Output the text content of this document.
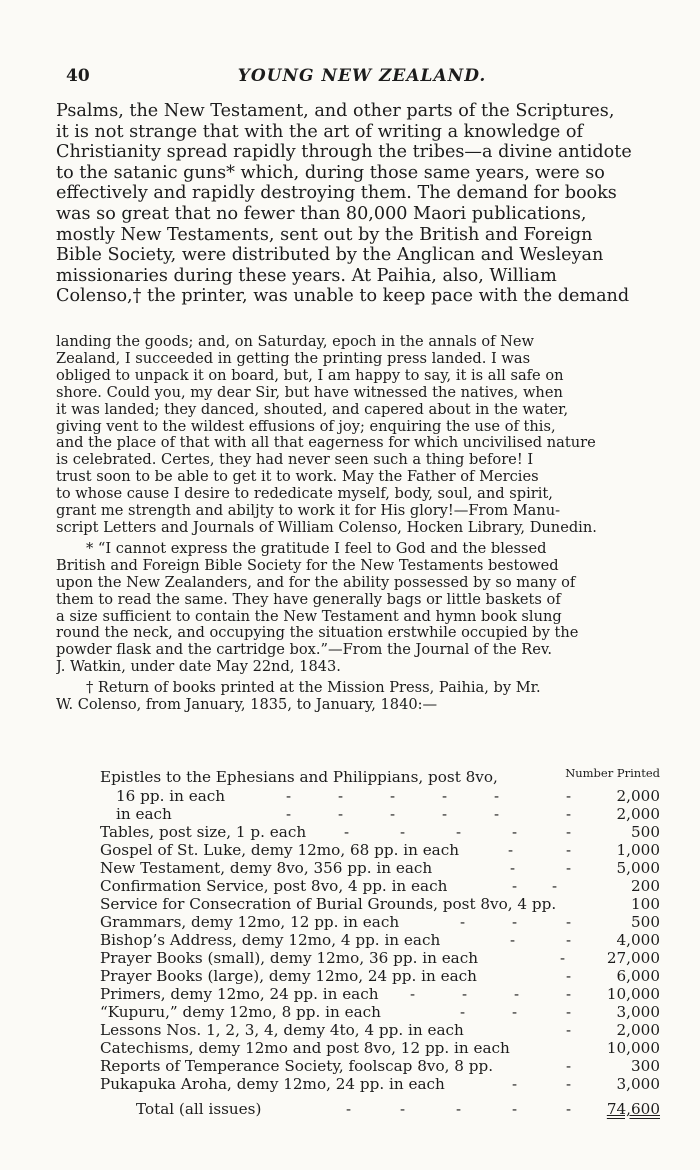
40	YOUNG NEW ZEALAND.
Psalms, the New Testament, and other parts of the Scriptures,
it is not strange that with the art of writing a knowledge of
Christianity spread rapidly through the tribes—a divine antidote
to the satanic guns* which, during those same years, were so
effectively and rapidly destroying them. The demand for books
was so great that no fewer than 80,000 Maori publications,
mostly New Testaments, sent out by the British and Foreign
Bible Society, were distributed by the Anglican and Wesleyan
missionaries during these years. At Paihia, also, William
Colenso,† the printer, was unable to keep pace with the demand
landing the goods; and, on Saturday, epoch in the annals of New
Zealand, I succeeded in getting the printing press landed. I was
obliged to unpack it on board, but, I am happy to say, it is all safe on
shore. Could you, my dear Sir, but have witnessed the natives, when
it was landed; they danced, shouted, and capered about in the water,
giving vent to the wildest effusions of joy; enquiring the use of this,
and the place of that with all that eagerness for which uncivilised nature
is celebrated. Certes, they had never seen such a thing before! I
trust soon to be able to get it to work. May the Father of Mercies
to whose cause I desire to rededicate myself, body, soul, and spirit,
grant me strength and abiljty to work it for His glory!—From Manu-
script Letters and Journals of William Colenso, Hocken Library, Dunedin.
* “I cannot express the gratitude I feel to God and the blessed
British and Foreign Bible Society for the New Testaments bestowed
upon the New Zealanders, and for the ability possessed by so many of
them to read the same. They have generally bags or little baskets of
a size sufficient to contain the New Testament and hymn book slung
round the neck, and occupying the situation erstwhile occupied by the
powder flask and the cartridge box.”—From the Journal of the Rev.
J. Watkin, under date May 22nd, 1843.
† Return of books printed at the Mission Press, Paihia, by Mr.
W. Colenso, from January, 1835, to January, 1840:—
Number Printed
Epistles to the Ephesians and Philippians, post 8vo,
16 pp. in each	-	-	-	-	-	-	2,000
in each	-	-	-	-	-	-	2,000
Tables, post size, 1 p. each	-	-	-	-	-	500
Gospel of St. Luke, demy 12mo, 68 pp. in each	-	-	1,000
New Testament, demy 8vo, 356 pp. in each	-	-	5,000
Confirmation Service, post 8vo, 4 pp. in each	- -	200
Service for Consecration of Burial Grounds, post 8vo, 4 pp.	100
Grammars, demy 12mo, 12 pp. in each	-	-	-	500
Bishop’s Address, demy 12mo, 4 pp. in each	-	-	4,000
Prayer Books (small), demy 12mo, 36 pp. in each	-	27,000
Prayer Books (large), demy 12mo, 24 pp. in each	-	6,000
Primers, demy 12mo, 24 pp. in each -	-	-	-	10,000
“Kupuru,” demy 12mo, 8 pp. in each	-	-	-	3,000
Lessons Nos. 1, 2, 3, 4, demy 4to, 4 pp. in each	-	2,000
Catechisms, demy 12mo and post 8vo, 12 pp. in each	10,000
Reports of Temperance Society, foolscap 8vo, 8 pp.	-	300
Pukapuka Aroha, demy 12mo, 24 pp. in each	-	-	3,000
Total (all issues)	-	-	-	-	-	74,600
